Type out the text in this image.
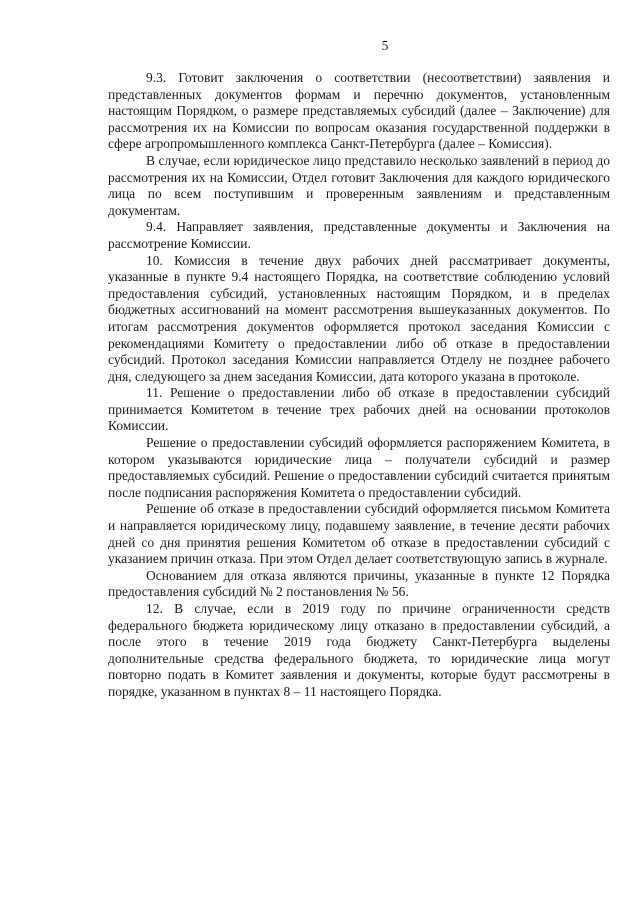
5

9.3. Готовит заключения о соответствии (несоответствии) заявления и представленных документов формам и перечню документов, установленным настоящим Порядком, о размере представляемых субсидий (далее – Заключение) для рассмотрения их на Комиссии по вопросам оказания государственной поддержки в сфере агропромышленного комплекса Санкт-Петербурга (далее – Комиссия).

В случае, если юридическое лицо представило несколько заявлений в период до рассмотрения их на Комиссии, Отдел готовит Заключения для каждого юридического лица по всем поступившим и проверенным заявлениям и представленным документам.

9.4. Направляет заявления, представленные документы и Заключения на рассмотрение Комиссии.

10. Комиссия в течение двух рабочих дней рассматривает документы, указанные в пункте 9.4 настоящего Порядка, на соответствие соблюдению условий предоставления субсидий, установленных настоящим Порядком, и в пределах бюджетных ассигнований на момент рассмотрения вышеуказанных документов. По итогам рассмотрения документов оформляется протокол заседания Комиссии с рекомендациями Комитету о предоставлении либо об отказе в предоставлении субсидий. Протокол заседания Комиссии направляется Отделу не позднее рабочего дня, следующего за днем заседания Комиссии, дата которого указана в протоколе.

11. Решение о предоставлении либо об отказе в предоставлении субсидий принимается Комитетом в течение трех рабочих дней на основании протоколов Комиссии.

Решение о предоставлении субсидий оформляется распоряжением Комитета, в котором указываются юридические лица – получатели субсидий и размер предоставляемых субсидий. Решение о предоставлении субсидий считается принятым после подписания распоряжения Комитета о предоставлении субсидий.

Решение об отказе в предоставлении субсидий оформляется письмом Комитета и направляется юридическому лицу, подавшему заявление, в течение десяти рабочих дней со дня принятия решения Комитетом об отказе в предоставлении субсидий с указанием причин отказа. При этом Отдел делает соответствующую запись в журнале.

Основанием для отказа являются причины, указанные в пункте 12 Порядка предоставления субсидий № 2 постановления № 56.

12. В случае, если в 2019 году по причине ограниченности средств федерального бюджета юридическому лицу отказано в предоставлении субсидий, а после этого в течение 2019 года бюджету Санкт-Петербурга выделены дополнительные средства федерального бюджета, то юридические лица могут повторно подать в Комитет заявления и документы, которые будут рассмотрены в порядке, указанном в пунктах 8 – 11 настоящего Порядка.
